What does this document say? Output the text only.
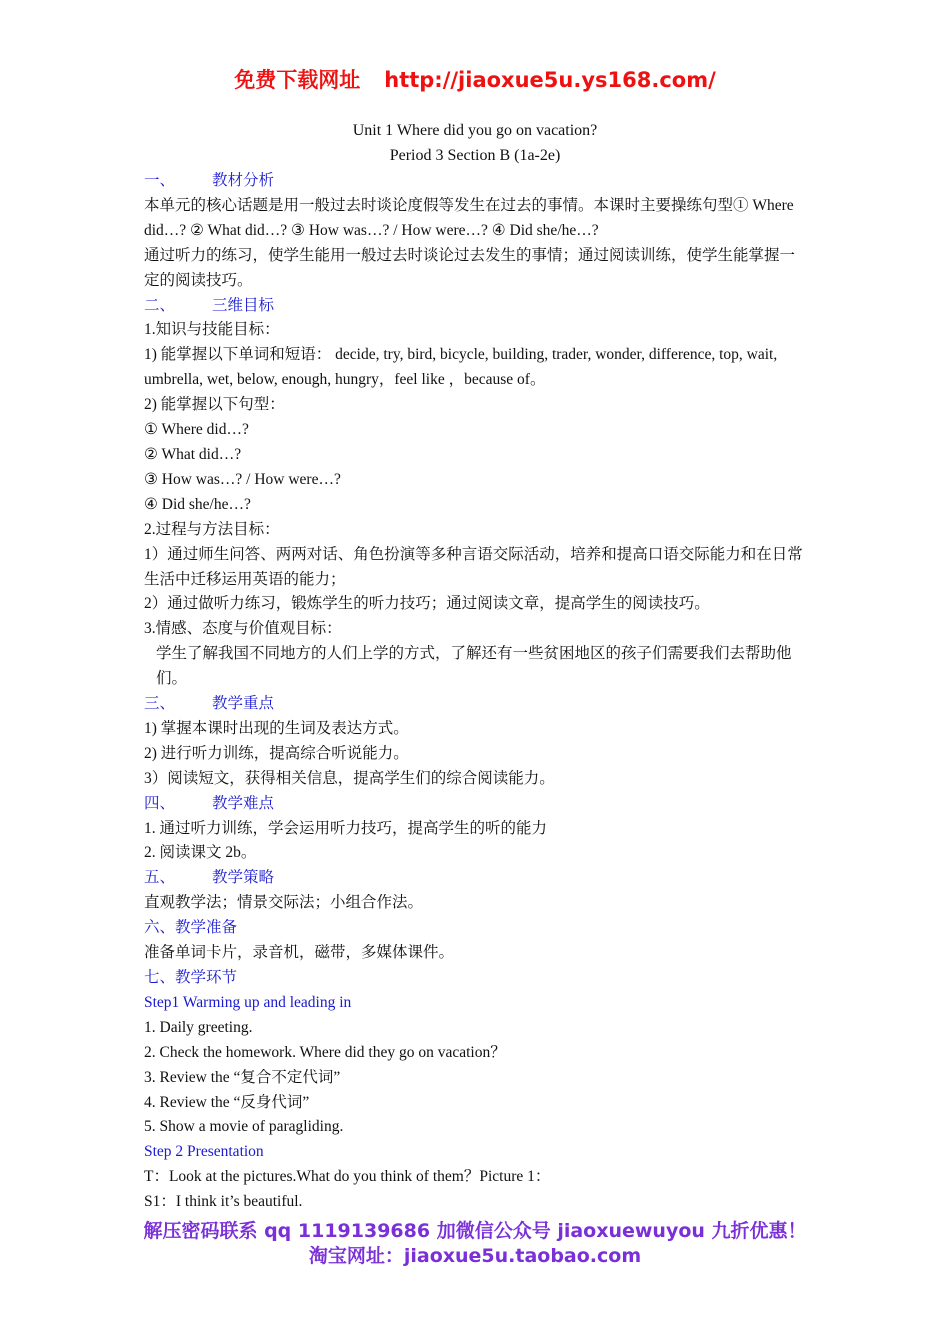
免费下载网址 http://jiaoxue5u.ys168.com/
Unit 1 Where did you go on vacation?
Period 3 Section B (1a-2e)
一、 教材分析
本单元的核心话题是用一般过去时谈论度假等发生在过去的事情。本课时主要操练句型① Where did…? ② What did…? ③ How was…? / How were…? ④ Did she/he…?
通过听力的练习，使学生能用一般过去时谈论过去发生的事情；通过阅读训练，使学生能掌握一定的阅读技巧。
二、 三维目标
1.知识与技能目标：
1) 能掌握以下单词和短语： decide, try, bird, bicycle, building, trader, wonder, difference, top, wait, umbrella, wet, below, enough, hungry，feel like ，because of。
2) 能掌握以下句型：
① Where did…?
② What did…?
③ How was…? / How were…?
④ Did she/he…?
2.过程与方法目标：
1）通过师生问答、两两对话、角色扮演等多种言语交际活动，培养和提高口语交际能力和在日常生活中迁移运用英语的能力；
2）通过做听力练习，锻炼学生的听力技巧；通过阅读文章，提高学生的阅读技巧。
3.情感、态度与价值观目标：
学生了解我国不同地方的人们上学的方式，了解还有一些贫困地区的孩子们需要我们去帮助他们。
三、 教学重点
1) 掌握本课时出现的生词及表达方式。
2) 进行听力训练，提高综合听说能力。
3）阅读短文，获得相关信息，提高学生们的综合阅读能力。
四、 教学难点
1. 通过听力训练，学会运用听力技巧，提高学生的听的能力
2. 阅读课文 2b。
五、 教学策略
直观教学法；情景交际法；小组合作法。
六、教学准备
准备单词卡片，录音机，磁带，多媒体课件。
七、教学环节
Step1 Warming up and leading in
1. Daily greeting.
2. Check the homework. Where did they go on vacation？
3. Review the “复合不定代词”
4. Review the “反身代词”
5. Show a movie of paragliding.
Step 2 Presentation
T：Look at the pictures.What do you think of them？Picture 1：
S1：I think it’s beautiful.
解压密码联系 qq 1119139686 加微信公众号 jiaoxuewuyou 九折优惠！
淘宝网址：jiaoxue5u.taobao.com
